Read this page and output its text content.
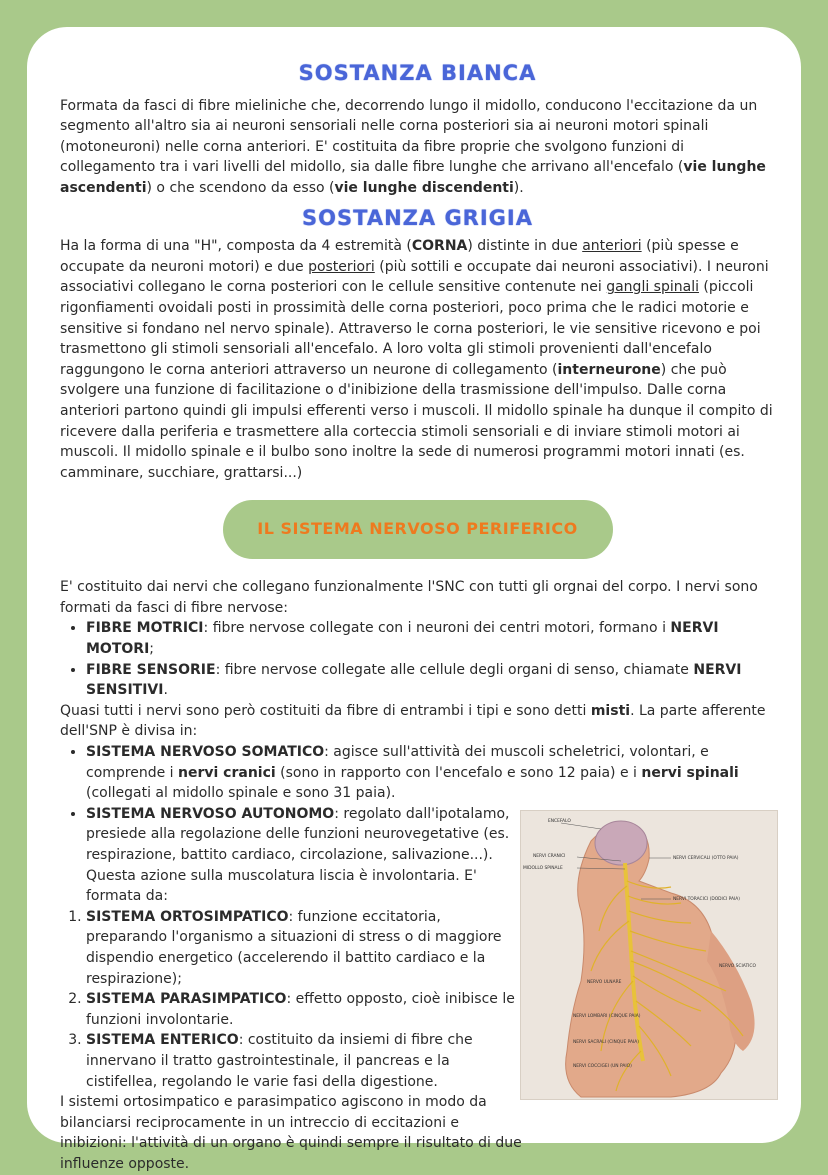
SOSTANZA BIANCA

Formata da fasci di fibre mieliniche che, decorrendo lungo il midollo, conducono l'eccitazione da un segmento all'altro sia ai neuroni sensoriali nelle corna posteriori sia ai neuroni motori spinali (motoneuroni) nelle corna anteriori. E' costituita da fibre proprie che svolgono funzioni di collegamento tra i vari livelli del midollo, sia dalle fibre lunghe che arrivano all'encefalo (vie lunghe ascendenti) o che scendono da esso (vie lunghe discendenti).

SOSTANZA GRIGIA

Ha la forma di una "H", composta da 4 estremità (CORNA) distinte in due anteriori (più spesse e occupate da neuroni motori) e due posteriori (più sottili e occupate dai neuroni associativi). I neuroni associativi collegano le corna posteriori con le cellule sensitive contenute nei gangli spinali (piccoli rigonfiamenti ovoidali posti in prossimità delle corna posteriori, poco prima che le radici motorie e sensitive si fondano nel nervo spinale). Attraverso le corna posteriori, le vie sensitive ricevono e poi trasmettono gli stimoli sensoriali all'encefalo. A loro volta gli stimoli provenienti dall'encefalo raggungono le corna anteriori attraverso un neurone di collegamento (interneurone) che può svolgere una funzione di facilitazione o d'inibizione della trasmissione dell'impulso. Dalle corna anteriori partono quindi gli impulsi efferenti verso i muscoli. Il midollo spinale ha dunque il compito di ricevere dalla periferia e trasmettere alla corteccia stimoli sensoriali e di inviare stimoli motori ai muscoli. Il midollo spinale e il bulbo sono inoltre la sede di numerosi programmi motori innati (es. camminare, succhiare, grattarsi...)

IL SISTEMA NERVOSO PERIFERICO

E' costituito dai nervi che collegano funzionalmente l'SNC con tutti gli orgnai del corpo. I nervi sono formati da fasci di fibre nervose:

• FIBRE MOTRICI: fibre nervose collegate con i neuroni dei centri motori, formano i NERVI MOTORI;
• FIBRE SENSORIE: fibre nervose collegate alle cellule degli organi di senso, chiamate NERVI SENSITIVI.

Quasi tutti i nervi sono però costituiti da fibre di entrambi i tipi e sono detti misti. La parte afferente dell'SNP è divisa in:

• SISTEMA NERVOSO SOMATICO: agisce sull'attività dei muscoli scheletrici, volontari, e comprende i nervi cranici (sono in rapporto con l'encefalo e sono 12 paia) e i nervi spinali (collegati al midollo spinale e sono 31 paia).
• SISTEMA NERVOSO AUTONOMO: regolato dall'ipotalamo, presiede alla regolazione delle funzioni neurovegetative (es. respirazione, battito cardiaco, circolazione, salivazione...). Questa azione sulla muscolatura liscia è involontaria. E' formata da:
1. SISTEMA ORTOSIMPATICO: funzione eccitatoria, preparando l'organismo a situazioni di stress o di maggiore dispendio energetico (accelerendo il battito cardiaco e la respirazione);
2. SISTEMA PARASIMPATICO: effetto opposto, cioè inibisce le funzioni involontarie.
3. SISTEMA ENTERICO: costituito da insiemi di fibre che innervano il tratto gastrointestinale, il pancreas e la cistifellea, regolando le varie fasi della digestione.

I sistemi ortosimpatico e parasimpatico agiscono in modo da bilanciarsi reciprocamente in un intreccio di eccitazioni e inibizioni: l'attività di un organo è quindi sempre il risultato di due influenze opposte.

ENCEFALO
NERVI CRANICI
MIDOLLO SPINALE
NERVI CERVICALI (OTTO PAIA)
NERVI TORACICI (DODICI PAIA)
NERVO SCIATICO
NERVO ULNARE
NERVI LOMBARI (CINQUE PAIA)
NERVI SACRALI (CINQUE PAIA)
NERVI COCCIGEI (UN PAIO)
